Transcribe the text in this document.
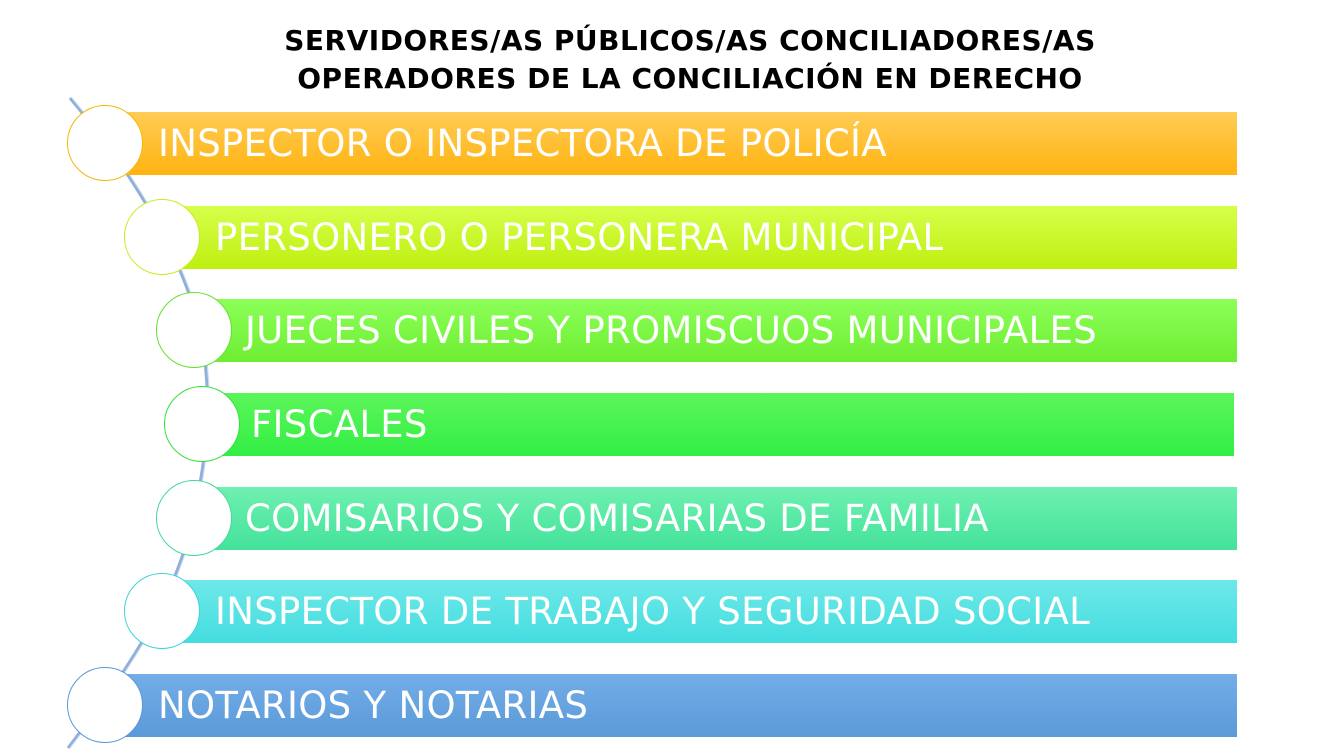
SERVIDORES/AS PÚBLICOS/AS CONCILIADORES/AS
OPERADORES DE LA CONCILIACIÓN EN DERECHO
INSPECTOR O INSPECTORA DE POLICÍA
PERSONERO O PERSONERA MUNICIPAL
JUECES CIVILES Y PROMISCUOS MUNICIPALES
FISCALES
COMISARIOS Y COMISARIAS DE FAMILIA
INSPECTOR DE TRABAJO Y SEGURIDAD SOCIAL
NOTARIOS Y NOTARIAS
